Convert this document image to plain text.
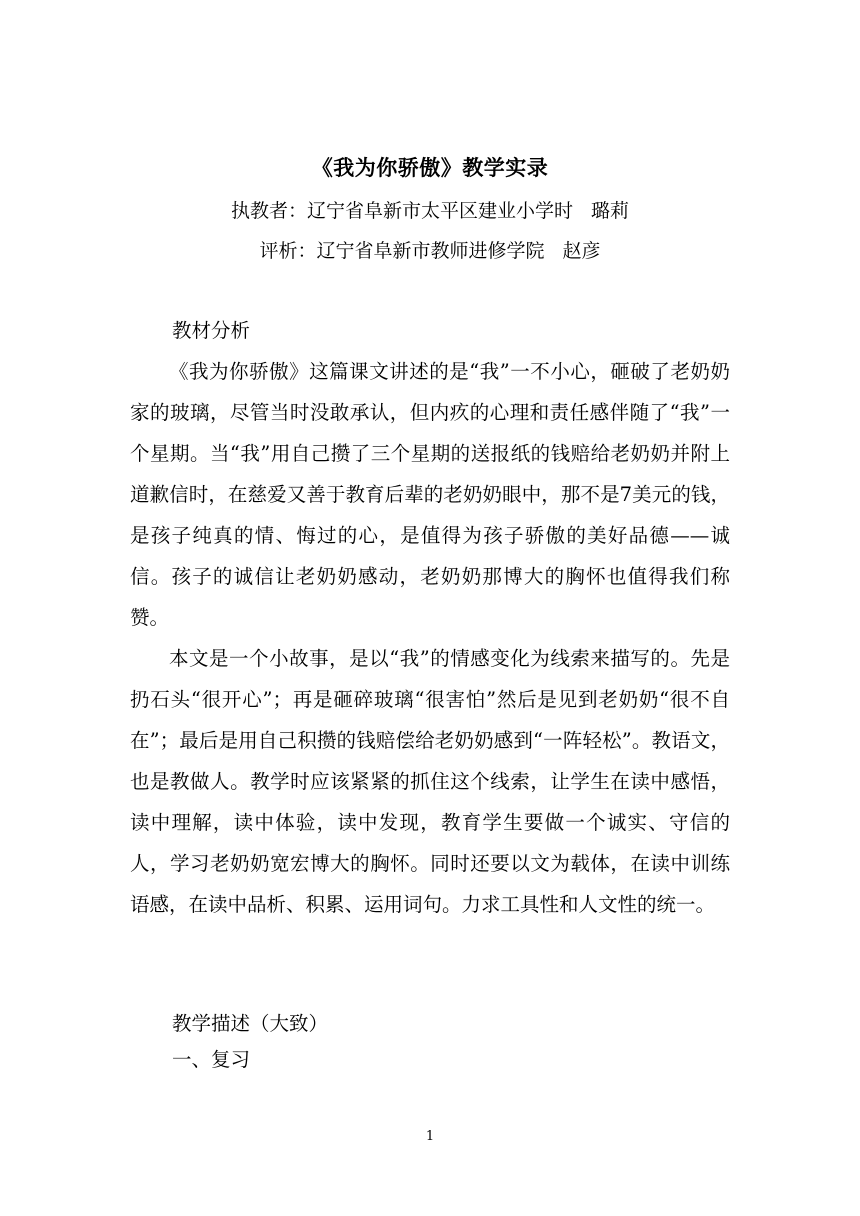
《我为你骄傲》教学实录
执教者：辽宁省阜新市太平区建业小学时 璐莉
评析：辽宁省阜新市教师进修学院 赵彦
教材分析

《我为你骄傲》这篇课文讲述的是“我”一不小心，砸破了老奶奶家的玻璃，尽管当时没敢承认，但内疚的心理和责任感伴随了“我”一个星期。当“我”用自己攒了三个星期的送报纸的钱赔给老奶奶并附上道歉信时，在慈爱又善于教育后辈的老奶奶眼中，那不是7美元的钱，是孩子纯真的情、悔过的心，是值得为孩子骄傲的美好品德——诚信。孩子的诚信让老奶奶感动，老奶奶那博大的胸怀也值得我们称赞。

本文是一个小故事，是以“我”的情感变化为线索来描写的。先是扔石头“很开心”；再是砸碎玻璃“很害怕”然后是见到老奶奶“很不自在”；最后是用自己积攒的钱赔偿给老奶奶感到“一阵轻松”。教语文，也是教做人。教学时应该紧紧的抓住这个线索，让学生在读中感悟，读中理解，读中体验，读中发现，教育学生要做一个诚实、守信的人，学习老奶奶宽宏博大的胸怀。同时还要以文为载体，在读中训练语感，在读中品析、积累、运用词句。力求工具性和人文性的统一。

教学描述（大致）
一、复习
1
